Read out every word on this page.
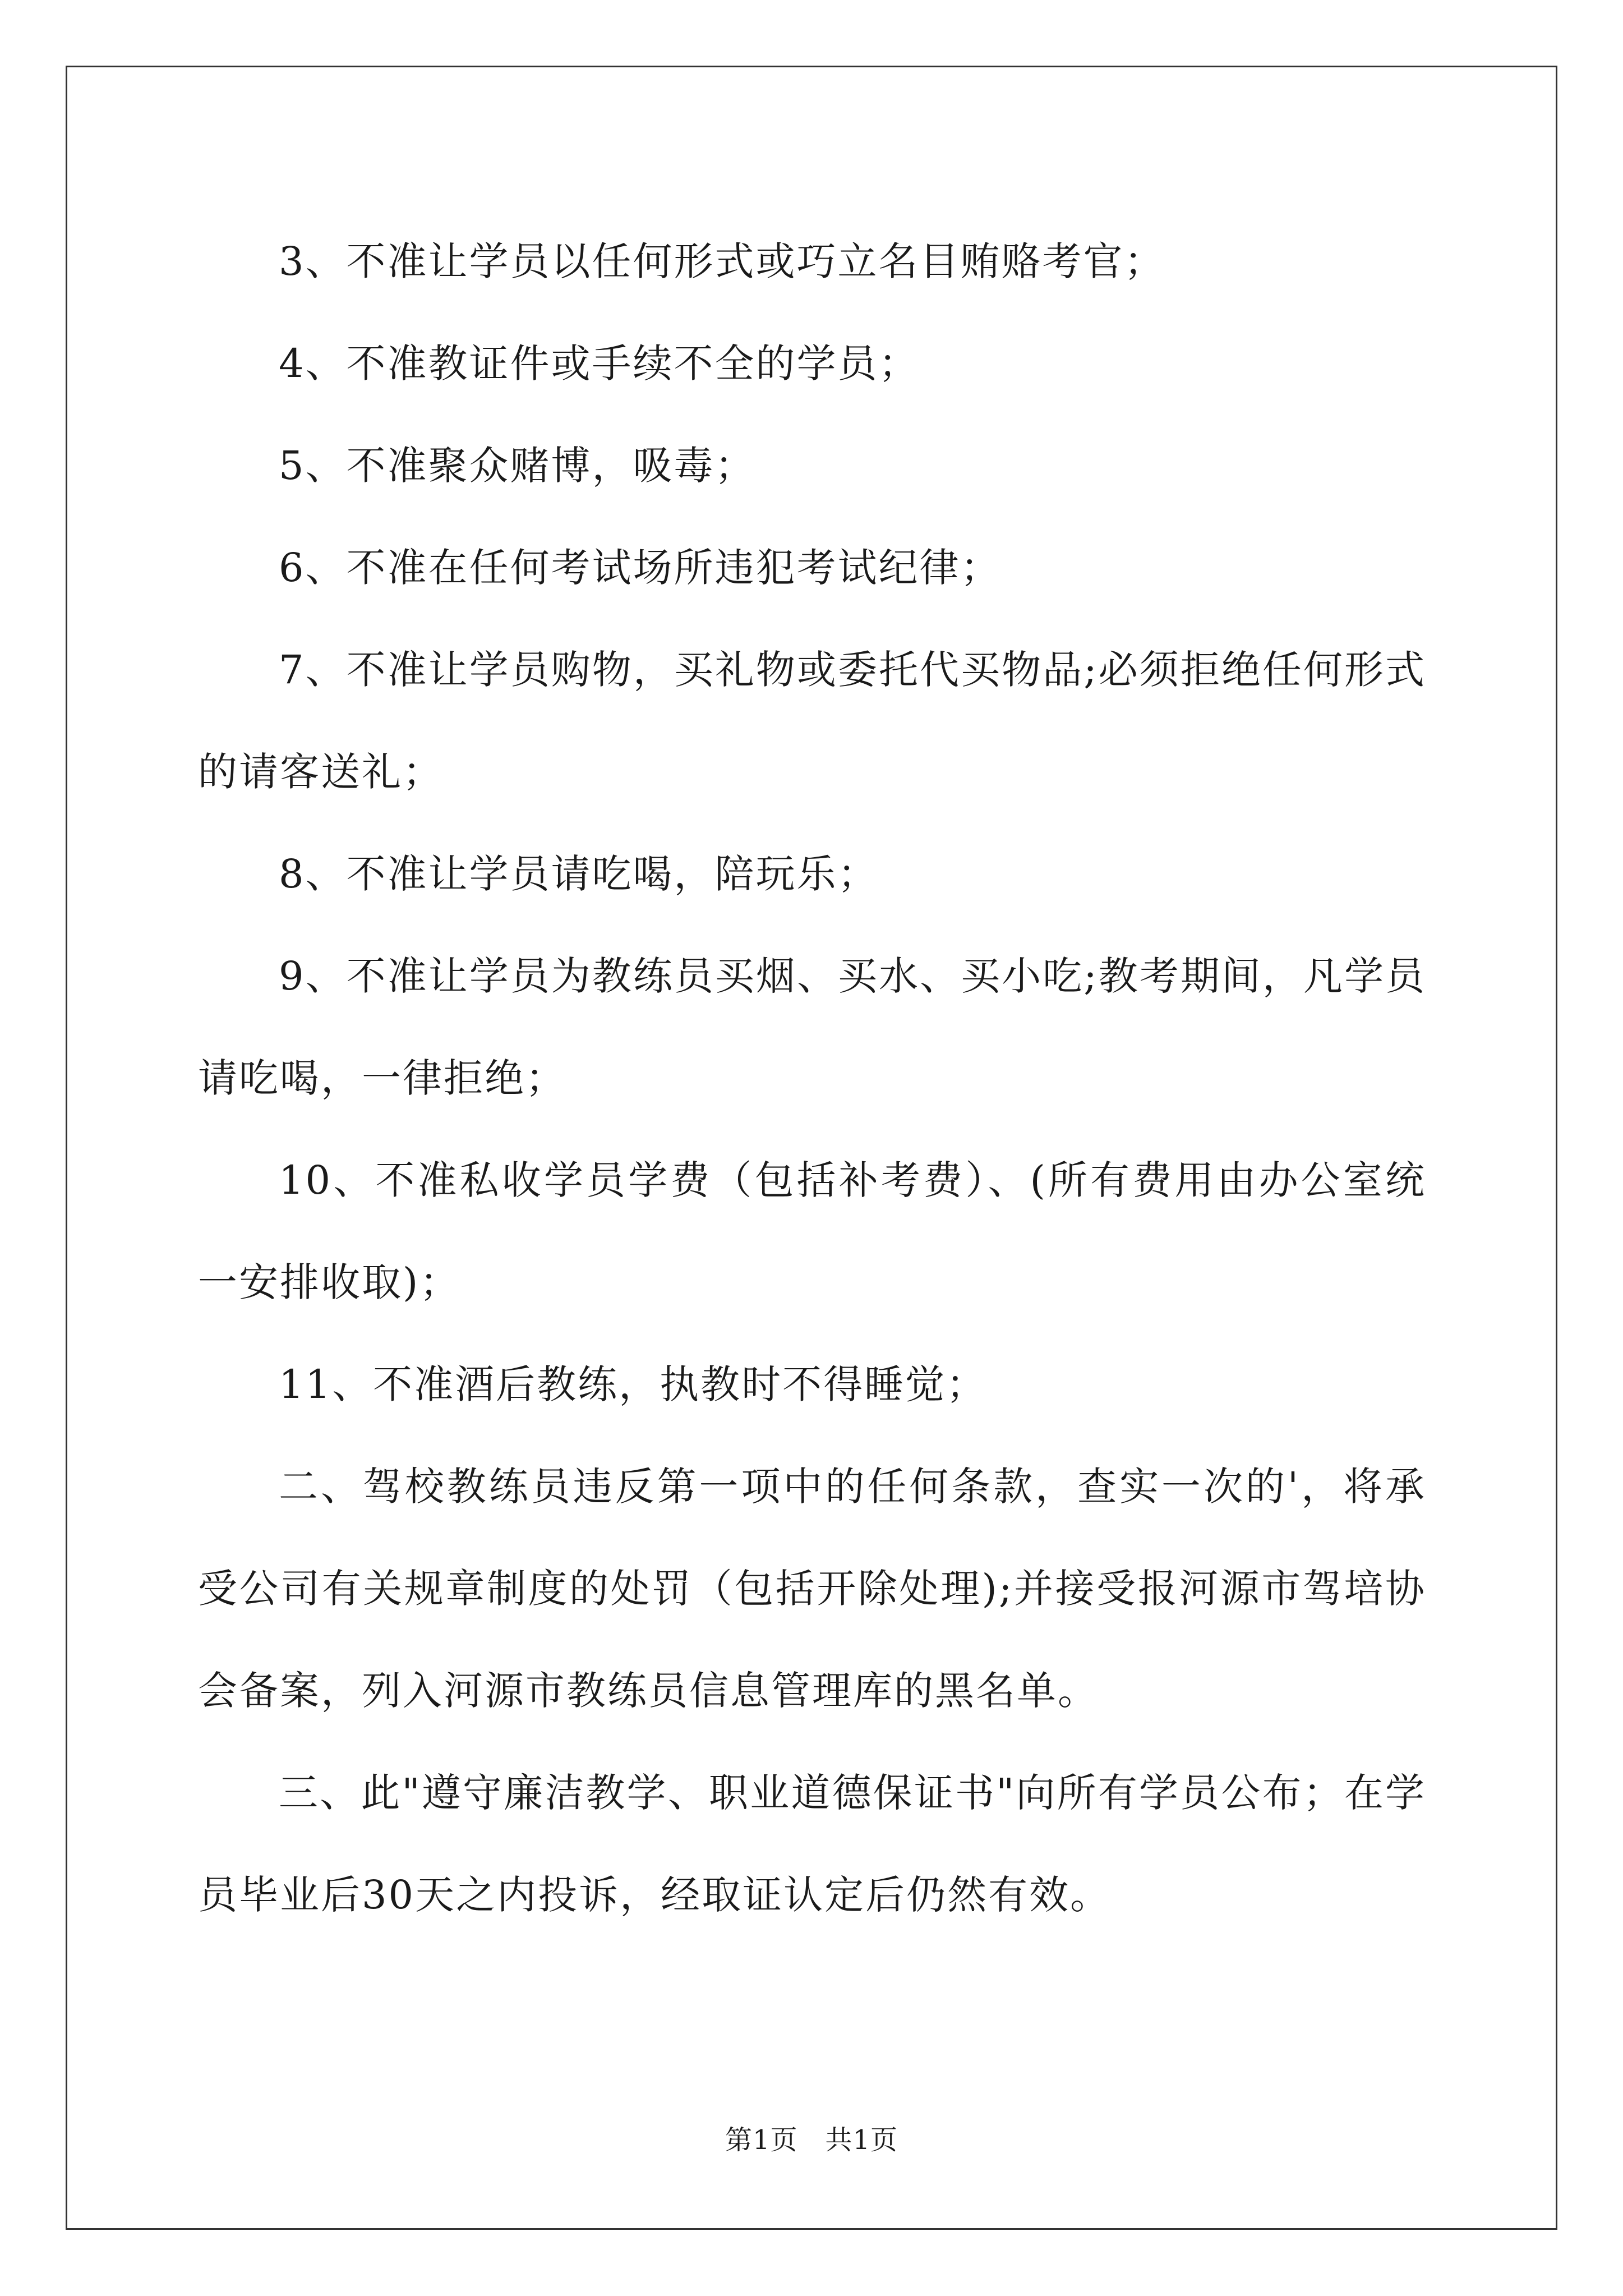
3、不准让学员以任何形式或巧立名目贿赂考官；

4、不准教证件或手续不全的学员；

5、不准聚众赌博，吸毒；

6、不准在任何考试场所违犯考试纪律；

7、不准让学员购物，买礼物或委托代买物品;必须拒绝任何形式的请客送礼；

8、不准让学员请吃喝，陪玩乐；

9、不准让学员为教练员买烟、买水、买小吃;教考期间，凡学员请吃喝，一律拒绝；

10、不准私收学员学费（包括补考费）、(所有费用由办公室统一安排收取)；

11、不准酒后教练，执教时不得睡觉；

二、驾校教练员违反第一项中的任何条款，查实一次的'，将承受公司有关规章制度的处罚（包括开除处理);并接受报河源市驾培协会备案，列入河源市教练员信息管理库的黑名单。

三、此"遵守廉洁教学、职业道德保证书"向所有学员公布；在学员毕业后30天之内投诉，经取证认定后仍然有效。

第1页　共1页
